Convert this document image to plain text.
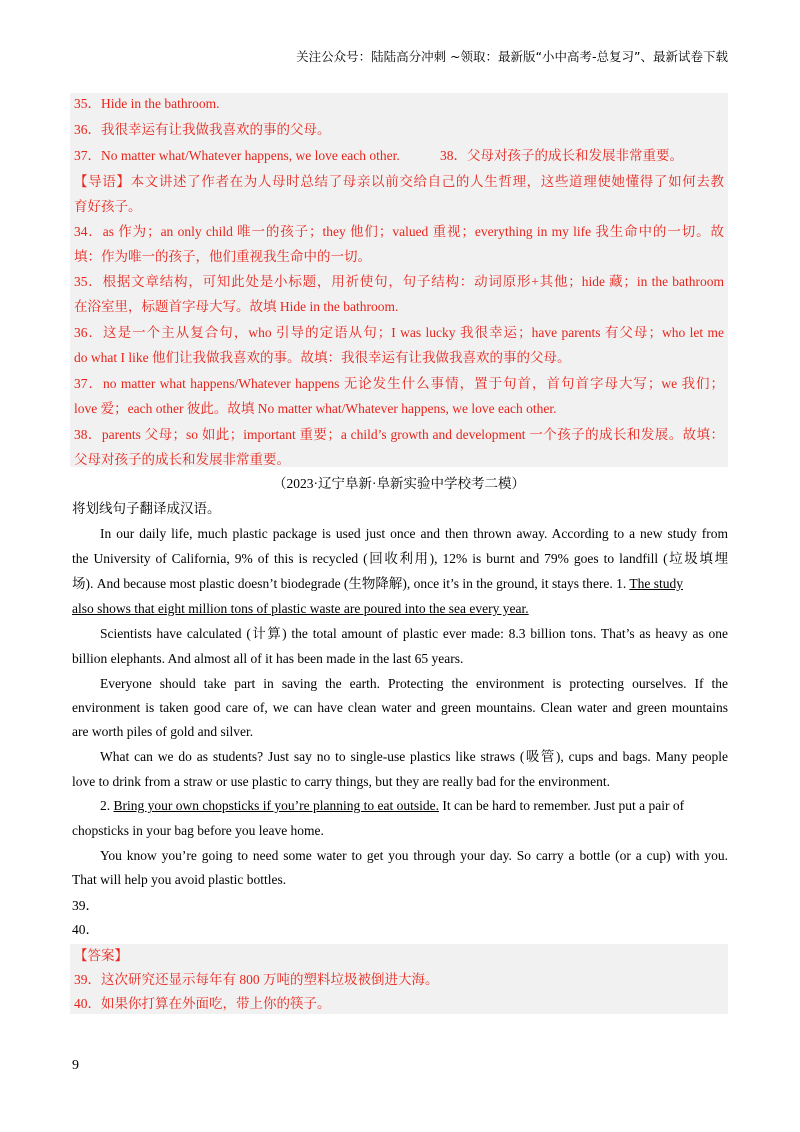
关注公众号：陆陆高分冲刺 ~领取：最新版“小中高考-总复习”、最新试卷下载
35．Hide in the bathroom.
36．我很幸运有让我做我喜欢的事的父母。
37．No matter what/Whatever happens, we love each other.	38．父母对孩子的成长和发展非常重要。
【导语】本文讲述了作者在为人母时总结了母亲以前交给自己的人生哲理，这些道理使她懂得了如何去教
育好孩子。
34．as 作为；an only child 唯一的孩子；they 他们；valued 重视；everything in my life 我生命中的一切。故
填：作为唯一的孩子，他们重视我生命中的一切。
35．根据文章结构，可知此处是小标题，用祈使句，句子结构：动词原形+其他；hide 藏；in the bathroom
在浴室里，标题首字母大写。故填 Hide in the bathroom.
36．这是一个主从复合句，who 引导的定语从句；I was lucky 我很幸运；have parents 有父母；who let me
do what I like 他们让我做我喜欢的事。故填：我很幸运有让我做我喜欢的事的父母。
37．no matter what happens/Whatever happens 无论发生什么事情，置于句首，首句首字母大写；we 我们；
love 爱；each other 彼此。故填 No matter what/Whatever happens, we love each other.
38．parents 父母；so 如此；important 重要；a child’s growth and development 一个孩子的成长和发展。故填：
父母对孩子的成长和发展非常重要。
（2023·辽宁阜新·阜新实验中学校考二模）
将划线句子翻译成汉语。
In our daily life, much plastic package is used just once and then thrown away. According to a new study from
the University of California, 9% of this is recycled (回收利用), 12% is burnt and 79% goes to landfill (垃圾填埋
场). And because most plastic doesn’t biodegrade (生物降解), once it’s in the ground, it stays there. 1. The study
also shows that eight million tons of plastic waste are poured into the sea every year.
Scientists have calculated (计算) the total amount of plastic ever made: 8.3 billion tons. That’s as heavy as one
billion elephants. And almost all of it has been made in the last 65 years.
Everyone should take part in saving the earth. Protecting the environment is protecting ourselves. If the
environment is taken good care of, we can have clean water and green mountains. Clean water and green mountains
are worth piles of gold and silver.
What can we do as students? Just say no to single-use plastics like straws (吸管), cups and bags. Many people
love to drink from a straw or use plastic to carry things, but they are really bad for the environment.
2. Bring your own chopsticks if you’re planning to eat outside. It can be hard to remember. Just put a pair of
chopsticks in your bag before you leave home.
You know you’re going to need some water to get you through your day. So carry a bottle (or a cup) with you.
That will help you avoid plastic bottles.
39．
40．
【答案】
39．这次研究还显示每年有 800 万吨的塑料垃圾被倒进大海。
40．如果你打算在外面吃，带上你的筷子。
9
